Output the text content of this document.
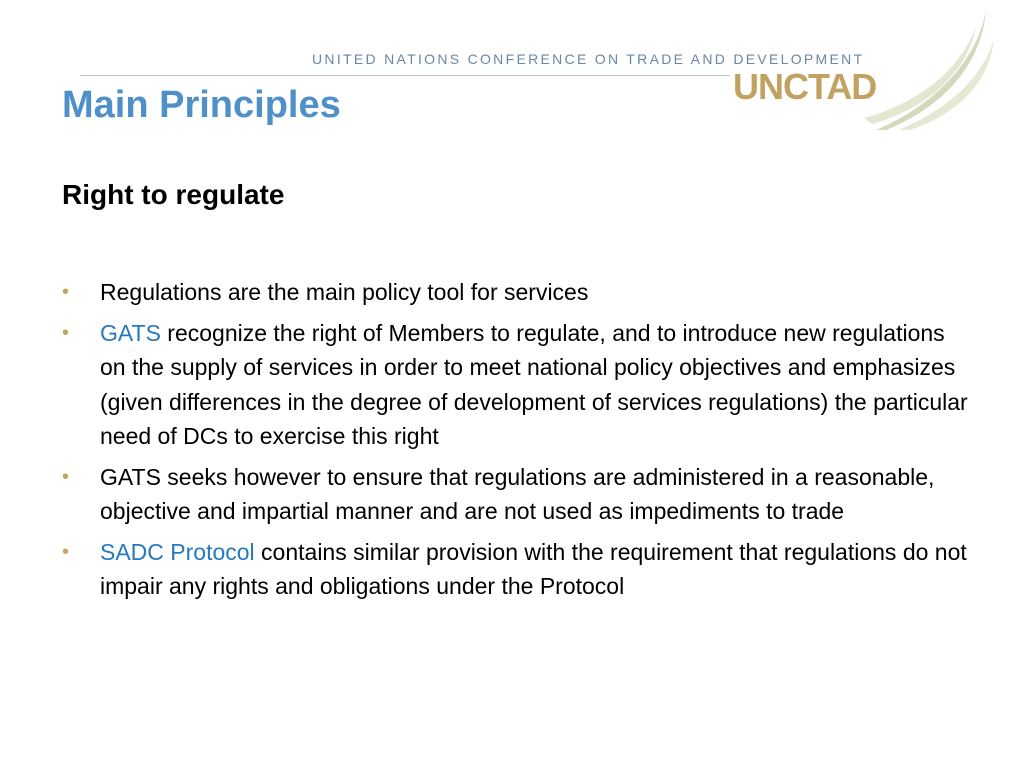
UNITED NATIONS CONFERENCE ON TRADE AND DEVELOPMENT
UNCTAD
Main Principles
Right to regulate
• Regulations are the main policy tool for services
• GATS recognize the right of Members to regulate, and to introduce new regulations on the supply of services in order to meet national policy objectives and emphasizes (given differences in the degree of development of services regulations) the particular need of DCs to exercise this right
• GATS seeks however to ensure that regulations are administered in a reasonable, objective and impartial manner and are not used as impediments to trade
• SADC Protocol contains similar provision with the requirement that regulations do not impair any rights and obligations under the Protocol
